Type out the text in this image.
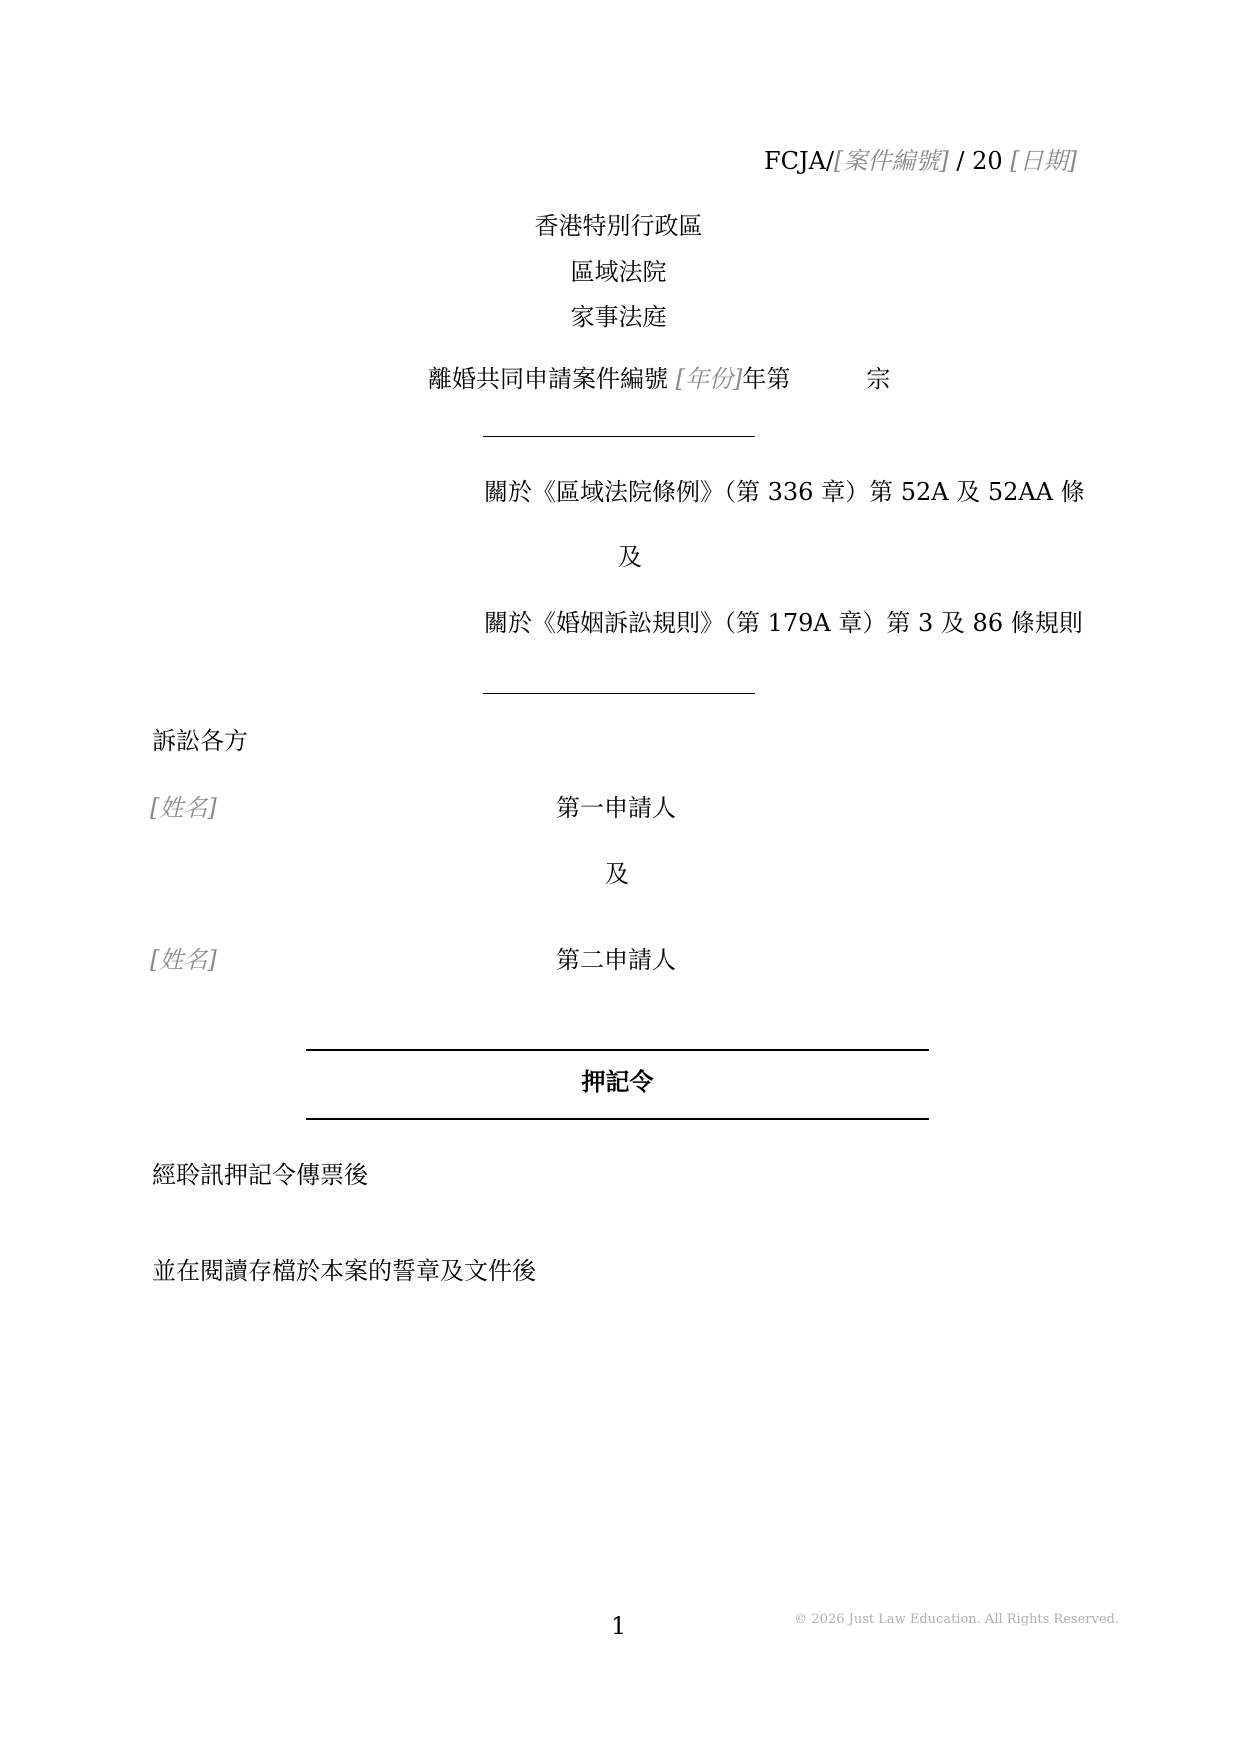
FCJA/[案件編號] / 20 [日期]
香港特別行政區
區域法院
家事法庭
離婚共同申請案件編號 [年份]年第	宗
關於《區域法院條例》（第 336 章）第 52A 及 52AA 條
及
關於《婚姻訴訟規則》（第 179A 章）第 3 及 86 條規則
訴訟各方
[姓名]	第一申請人
及
[姓名]	第二申請人
押記令
經聆訊押記令傳票後
並在閱讀存檔於本案的誓章及文件後
1	© 2026 Just Law Education. All Rights Reserved.
